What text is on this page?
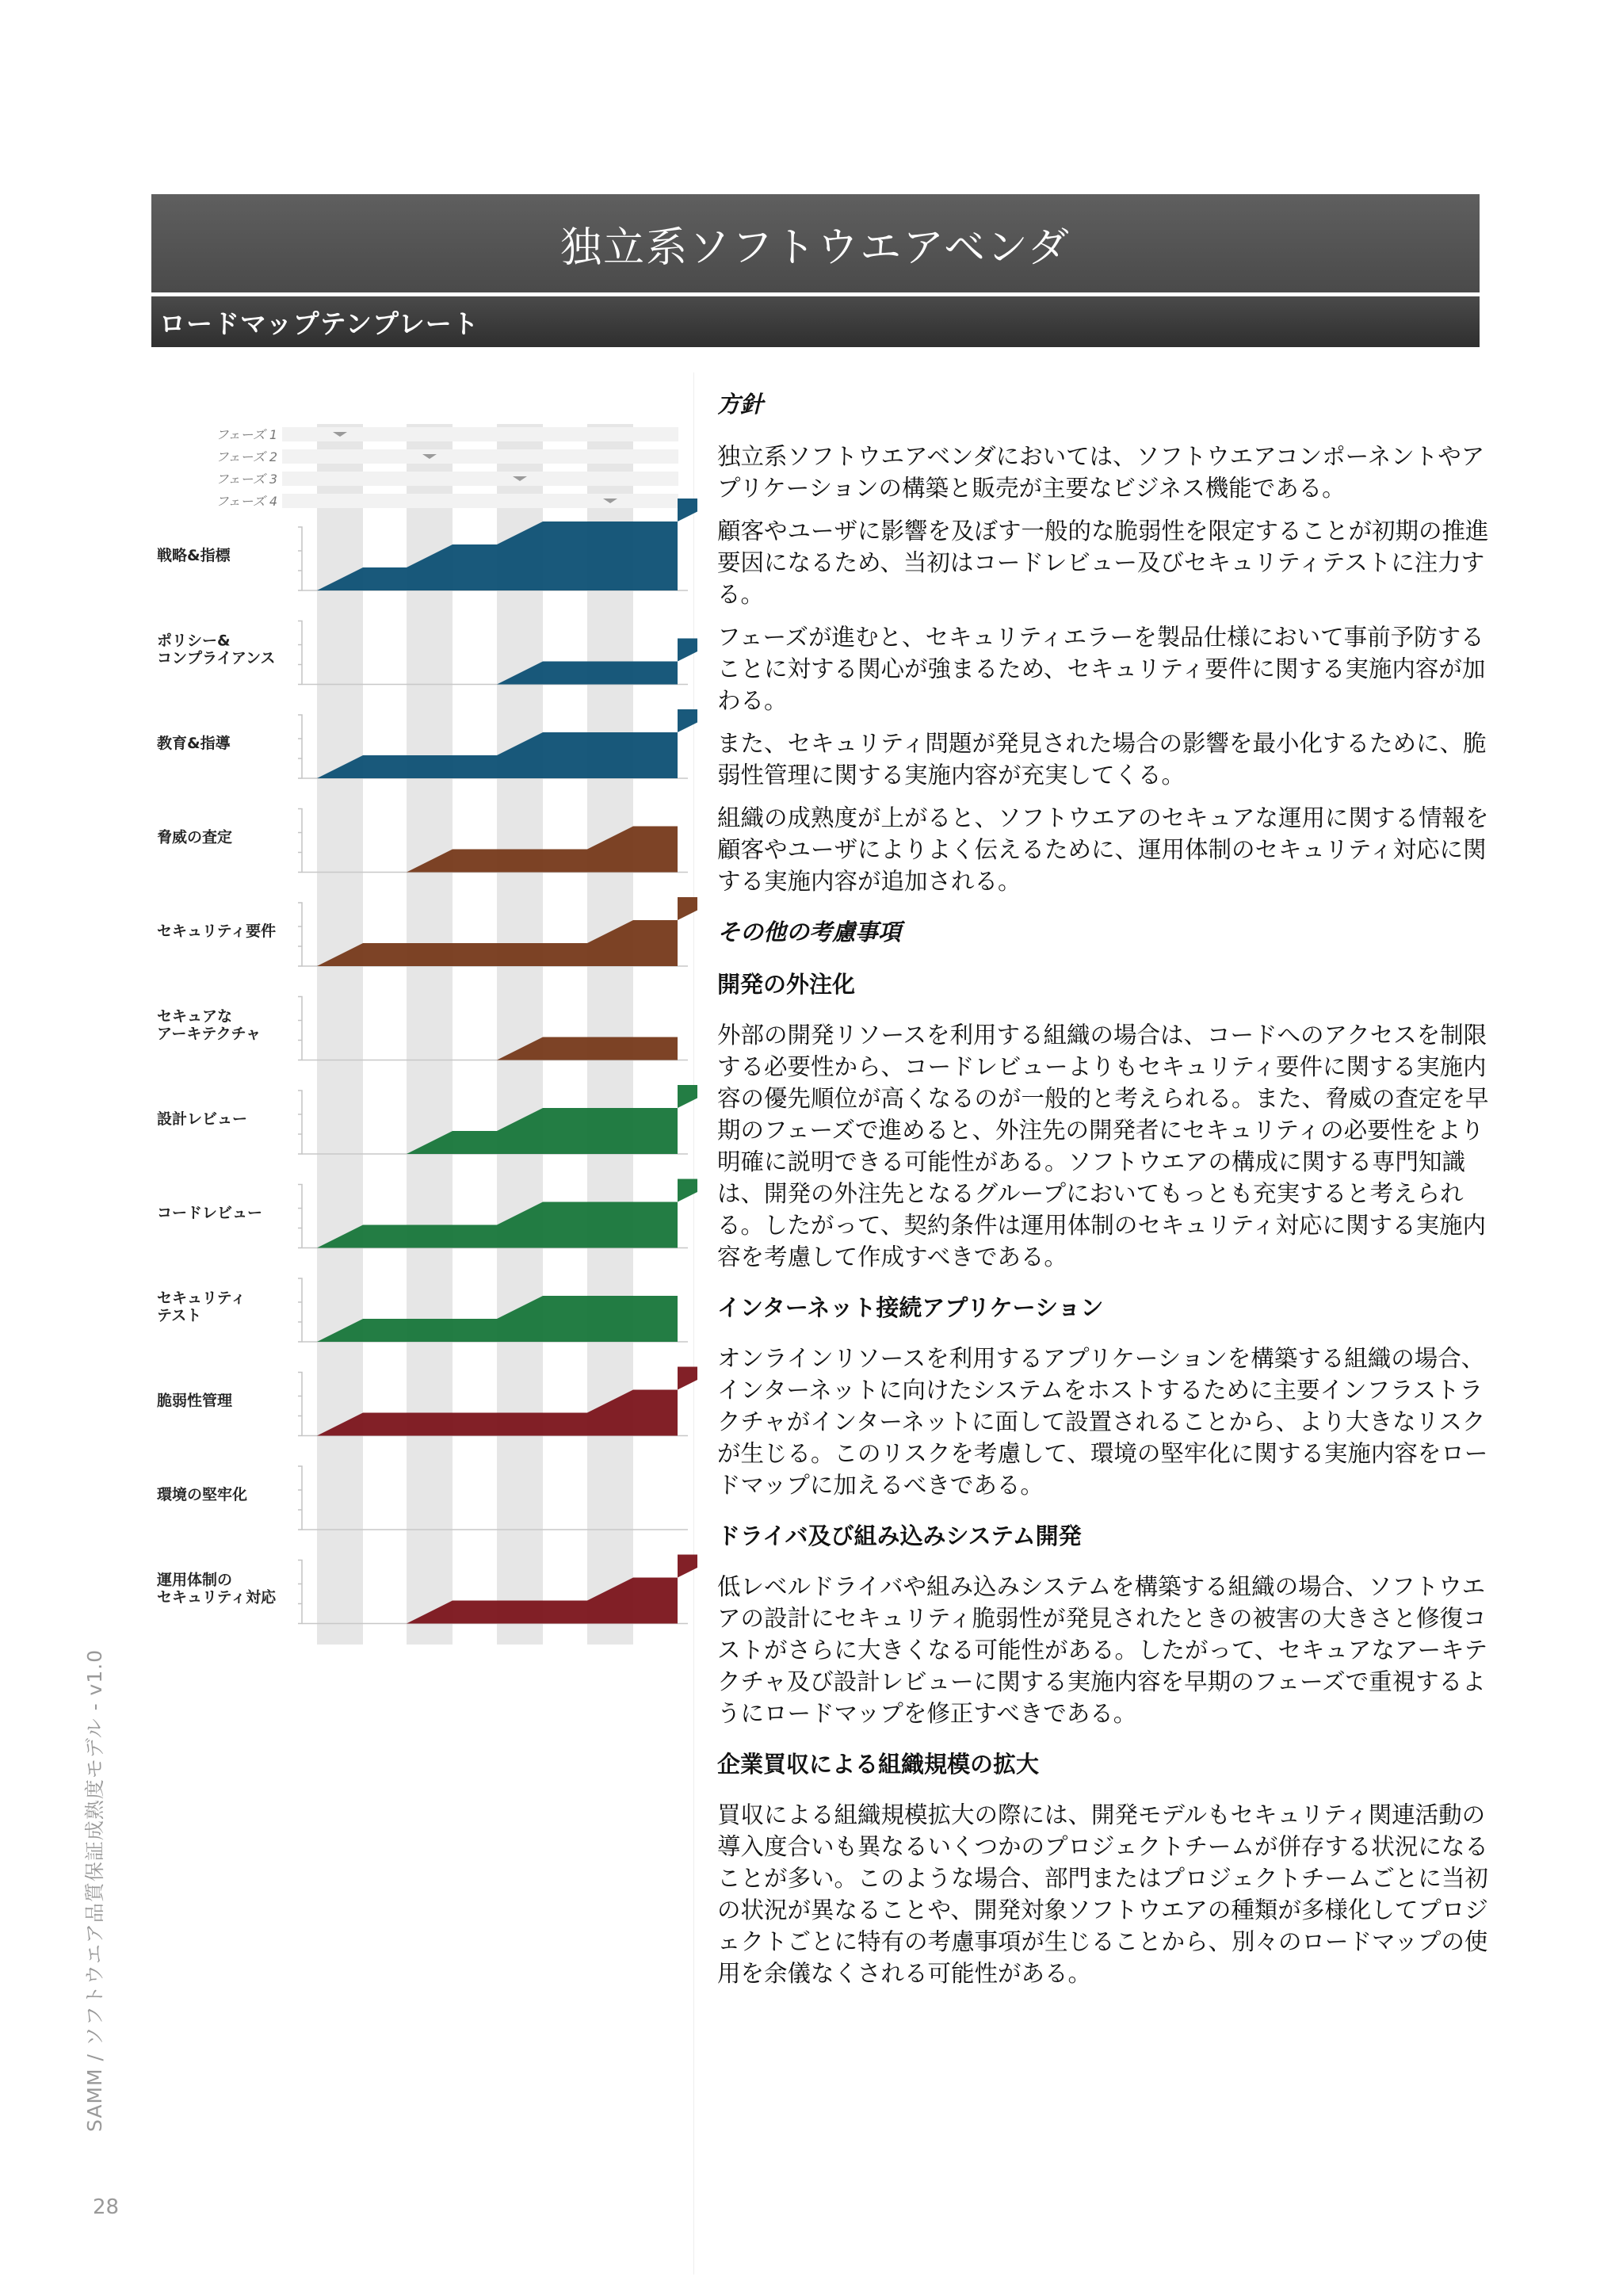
独立系ソフトウエアベンダ
ロードマップテンプレート
フェーズ 1
フェーズ 2
フェーズ 3
フェーズ 4
戦略&指標
ポリシー&
コンプライアンス
教育&指導
脅威の査定
セキュリティ要件
セキュアな
アーキテクチャ
設計レビュー
コードレビュー
セキュリティ
テスト
脆弱性管理
環境の堅牢化
運用体制の
セキュリティ対応
方針

独立系ソフトウエアベンダにおいては、ソフトウエアコンポーネントやアプリケーションの構築と販売が主要なビジネス機能である。

顧客やユーザに影響を及ぼす一般的な脆弱性を限定することが初期の推進要因になるため、当初はコードレビュー及びセキュリティテストに注力する。

フェーズが進むと、セキュリティエラーを製品仕様において事前予防することに対する関心が強まるため、セキュリティ要件に関する実施内容が加わる。

また、セキュリティ問題が発見された場合の影響を最小化するために、脆弱性管理に関する実施内容が充実してくる。

組織の成熟度が上がると、ソフトウエアのセキュアな運用に関する情報を顧客やユーザによりよく伝えるために、運用体制のセキュリティ対応に関する実施内容が追加される。

その他の考慮事項
開発の外注化

外部の開発リソースを利用する組織の場合は、コードへのアクセスを制限する必要性から、コードレビューよりもセキュリティ要件に関する実施内容の優先順位が高くなるのが一般的と考えられる。また、脅威の査定を早期のフェーズで進めると、外注先の開発者にセキュリティの必要性をより明確に説明できる可能性がある。ソフトウエアの構成に関する専門知識は、開発の外注先となるグループにおいてもっとも充実すると考えられる。したがって、契約条件は運用体制のセキュリティ対応に関する実施内容を考慮して作成すべきである。

インターネット接続アプリケーション

オンラインリソースを利用するアプリケーションを構築する組織の場合、インターネットに向けたシステムをホストするために主要インフラストラクチャがインターネットに面して設置されることから、より大きなリスクが生じる。このリスクを考慮して、環境の堅牢化に関する実施内容をロードマップに加えるべきである。

ドライバ及び組み込みシステム開発

低レベルドライバや組み込みシステムを構築する組織の場合、ソフトウエアの設計にセキュリティ脆弱性が発見されたときの被害の大きさと修復コストがさらに大きくなる可能性がある。したがって、セキュアなアーキテクチャ及び設計レビューに関する実施内容を早期のフェーズで重視するようにロードマップを修正すべきである。

企業買収による組織規模の拡大

買収による組織規模拡大の際には、開発モデルもセキュリティ関連活動の導入度合いも異なるいくつかのプロジェクトチームが併存する状況になることが多い。このような場合、部門またはプロジェクトチームごとに当初の状況が異なることや、開発対象ソフトウエアの種類が多様化してプロジェクトごとに特有の考慮事項が生じることから、別々のロードマップの使用を余儀なくされる可能性がある。

SAMM / ソフトウエア品質保証成熟度モデル - v1.0
28
